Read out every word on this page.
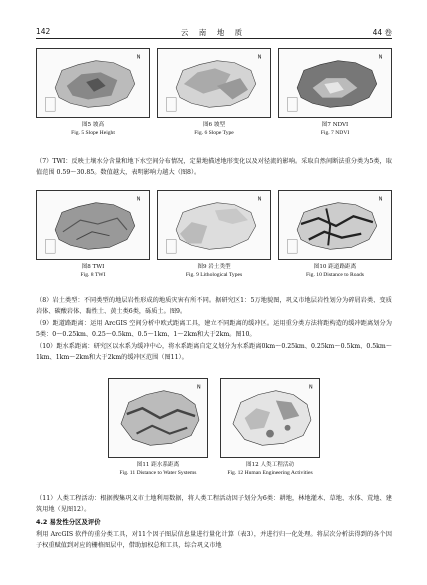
142	云 南 地 质	44 卷
N
图5 坡高
Fig. 5 Slope Height
N
图6 坡型
Fig. 6 Slope Type
N
图7 NDVI
Fig. 7 NDVI

（7）TWI：反映土壤水分含量和地下水空间分布情况，定量地描述地形变化以及对径流的影响。采取自然间断法重分类为5类，取值范围 0.59～30.85。数值越大，表明影响力越大（图8）。

N
图8 TWI
Fig. 8 TWI
N
图9 岩土类型
Fig. 9 Lithological Types
N
图10 距道路距离
Fig. 10 Distance to Roads

（8）岩土类型：不同类型的地层岩性形成的地质灾害有所不同。据研究区1：5万地貌图，巩义市地层岩性划分为碎屑岩类、变质岩体、碳酸岩体、黏性土、黄土类6类，砾质土。图9。

（9）距道路距离：运用 ArcGIS 空间分析中欧式距离工具，建立不同距离的缓冲区。运用重分类方法将距构造的缓冲距离划分为5类：0～0.25km、0.25～0.5km、0.5～1km、1～2km和大于2km。图10。

（10）距水系距离：研究区以水系为缓冲中心，将水系距离自定义划分为水系距离0km～0.25km、0.25km～0.5km、0.5km～1km、1km～2km和大于2km的缓冲区范围（图11）。

N
图11 距水系距离
Fig. 11 Distance to Water Systems
N
图12 人类工程活动
Fig. 12 Human Engineering Activities

（11）人类工程活动：根据搜集巩义市土地利用数据，将人类工程活动因子划分为6类：耕地，林地灌木、草地、水体、荒地、建筑用地（见图12）。

4.2 易发性分区及评价

利用 ArcGIS 软件的重分类工具，对11个因子图层信息量进行量化计算（表3），并进行归一化处理。将层次分析法得到的各个因子权重赋值到对应的栅格图层中，借助加权总和工具，综合巩义市地
